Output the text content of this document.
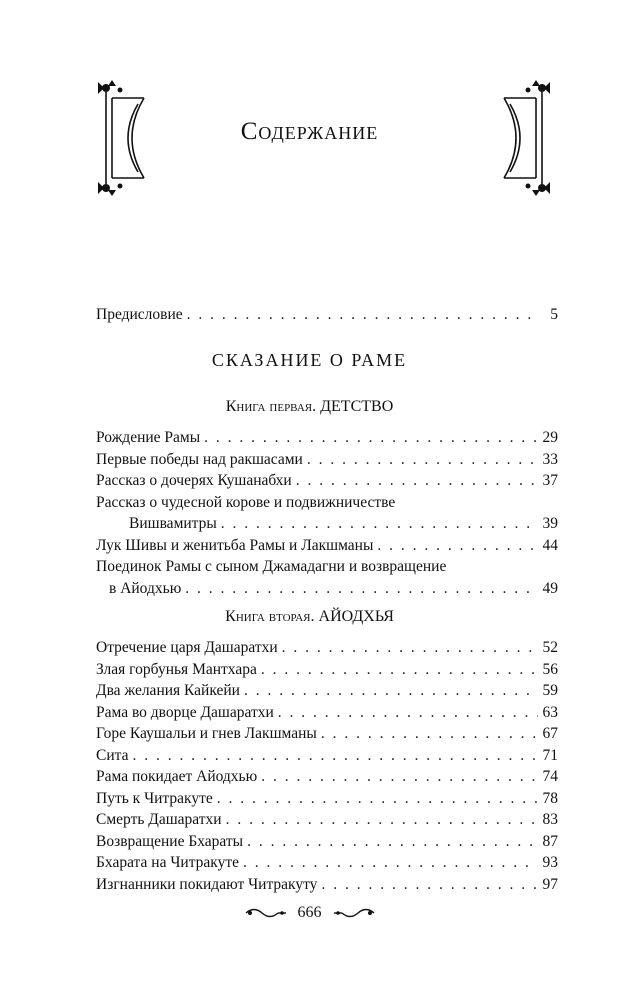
Содержание
Предисловие . . .	5
СКАЗАНИЕ О РАМЕ
Книга первая. ДЕТСТВО
Рождение Рамы . . .	29
Первые победы над ракшасами . . .	33
Рассказ о дочерях Кушанабхи . . .	37
Рассказ о чудесной корове и подвижничестве
Вишвамитры . . .	39
Лук Шивы и женитьба Рамы и Лакшманы . . .	44
Поединок Рамы с сыном Джамадагни и возвращение
в Айодхью . . .	49
Книга вторая. АЙОДХЬЯ
Отречение царя Дашаратхи . . .	52
Злая горбунья Мантхара . . .	56
Два желания Кайкейи . . .	59
Рама во дворце Дашаратхи . . .	63
Горе Каушальи и гнев Лакшманы . . .	67
Сита . . .	71
Рама покидает Айодхью . . .	74
Путь к Читракуте . . .	78
Смерть Дашаратхи . . .	83
Возвращение Бхараты . . .	87
Бхарата на Читракуте . . .	93
Изгнанники покидают Читракуту . . .	97
666
